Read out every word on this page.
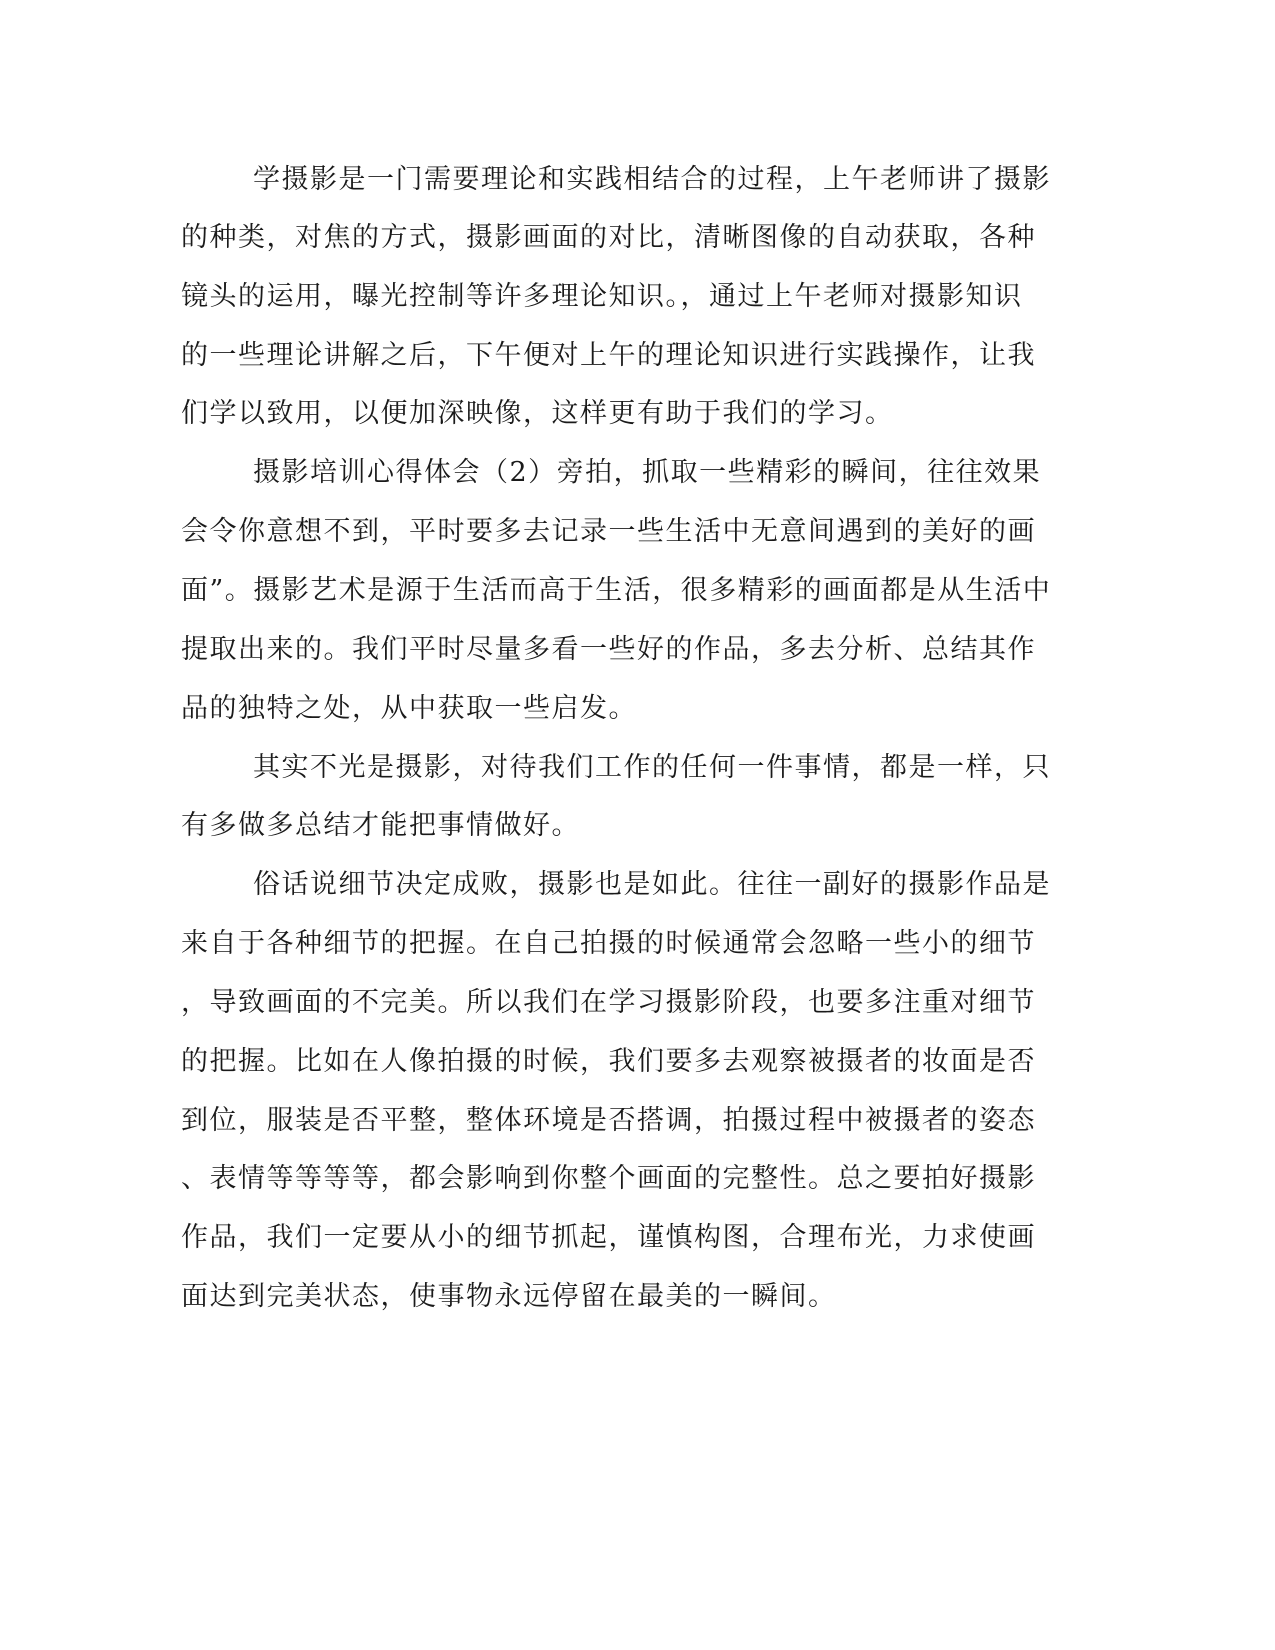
学摄影是一门需要理论和实践相结合的过程，上午老师讲了摄影
的种类，对焦的方式，摄影画面的对比，清晰图像的自动获取，各种
镜头的运用，曝光控制等许多理论知识。，通过上午老师对摄影知识
的一些理论讲解之后，下午便对上午的理论知识进行实践操作，让我
们学以致用，以便加深映像，这样更有助于我们的学习。
摄影培训心得体会（2）旁拍，抓取一些精彩的瞬间，往往效果
会令你意想不到，平时要多去记录一些生活中无意间遇到的美好的画
面”。摄影艺术是源于生活而高于生活，很多精彩的画面都是从生活中
提取出来的。我们平时尽量多看一些好的作品，多去分析、总结其作
品的独特之处，从中获取一些启发。
其实不光是摄影，对待我们工作的任何一件事情，都是一样，只
有多做多总结才能把事情做好。
俗话说细节决定成败，摄影也是如此。往往一副好的摄影作品是
来自于各种细节的把握。在自己拍摄的时候通常会忽略一些小的细节
，导致画面的不完美。所以我们在学习摄影阶段，也要多注重对细节
的把握。比如在人像拍摄的时候，我们要多去观察被摄者的妆面是否
到位，服装是否平整，整体环境是否搭调，拍摄过程中被摄者的姿态
、表情等等等等，都会影响到你整个画面的完整性。总之要拍好摄影
作品，我们一定要从小的细节抓起，谨慎构图，合理布光，力求使画
面达到完美状态，使事物永远停留在最美的一瞬间。
